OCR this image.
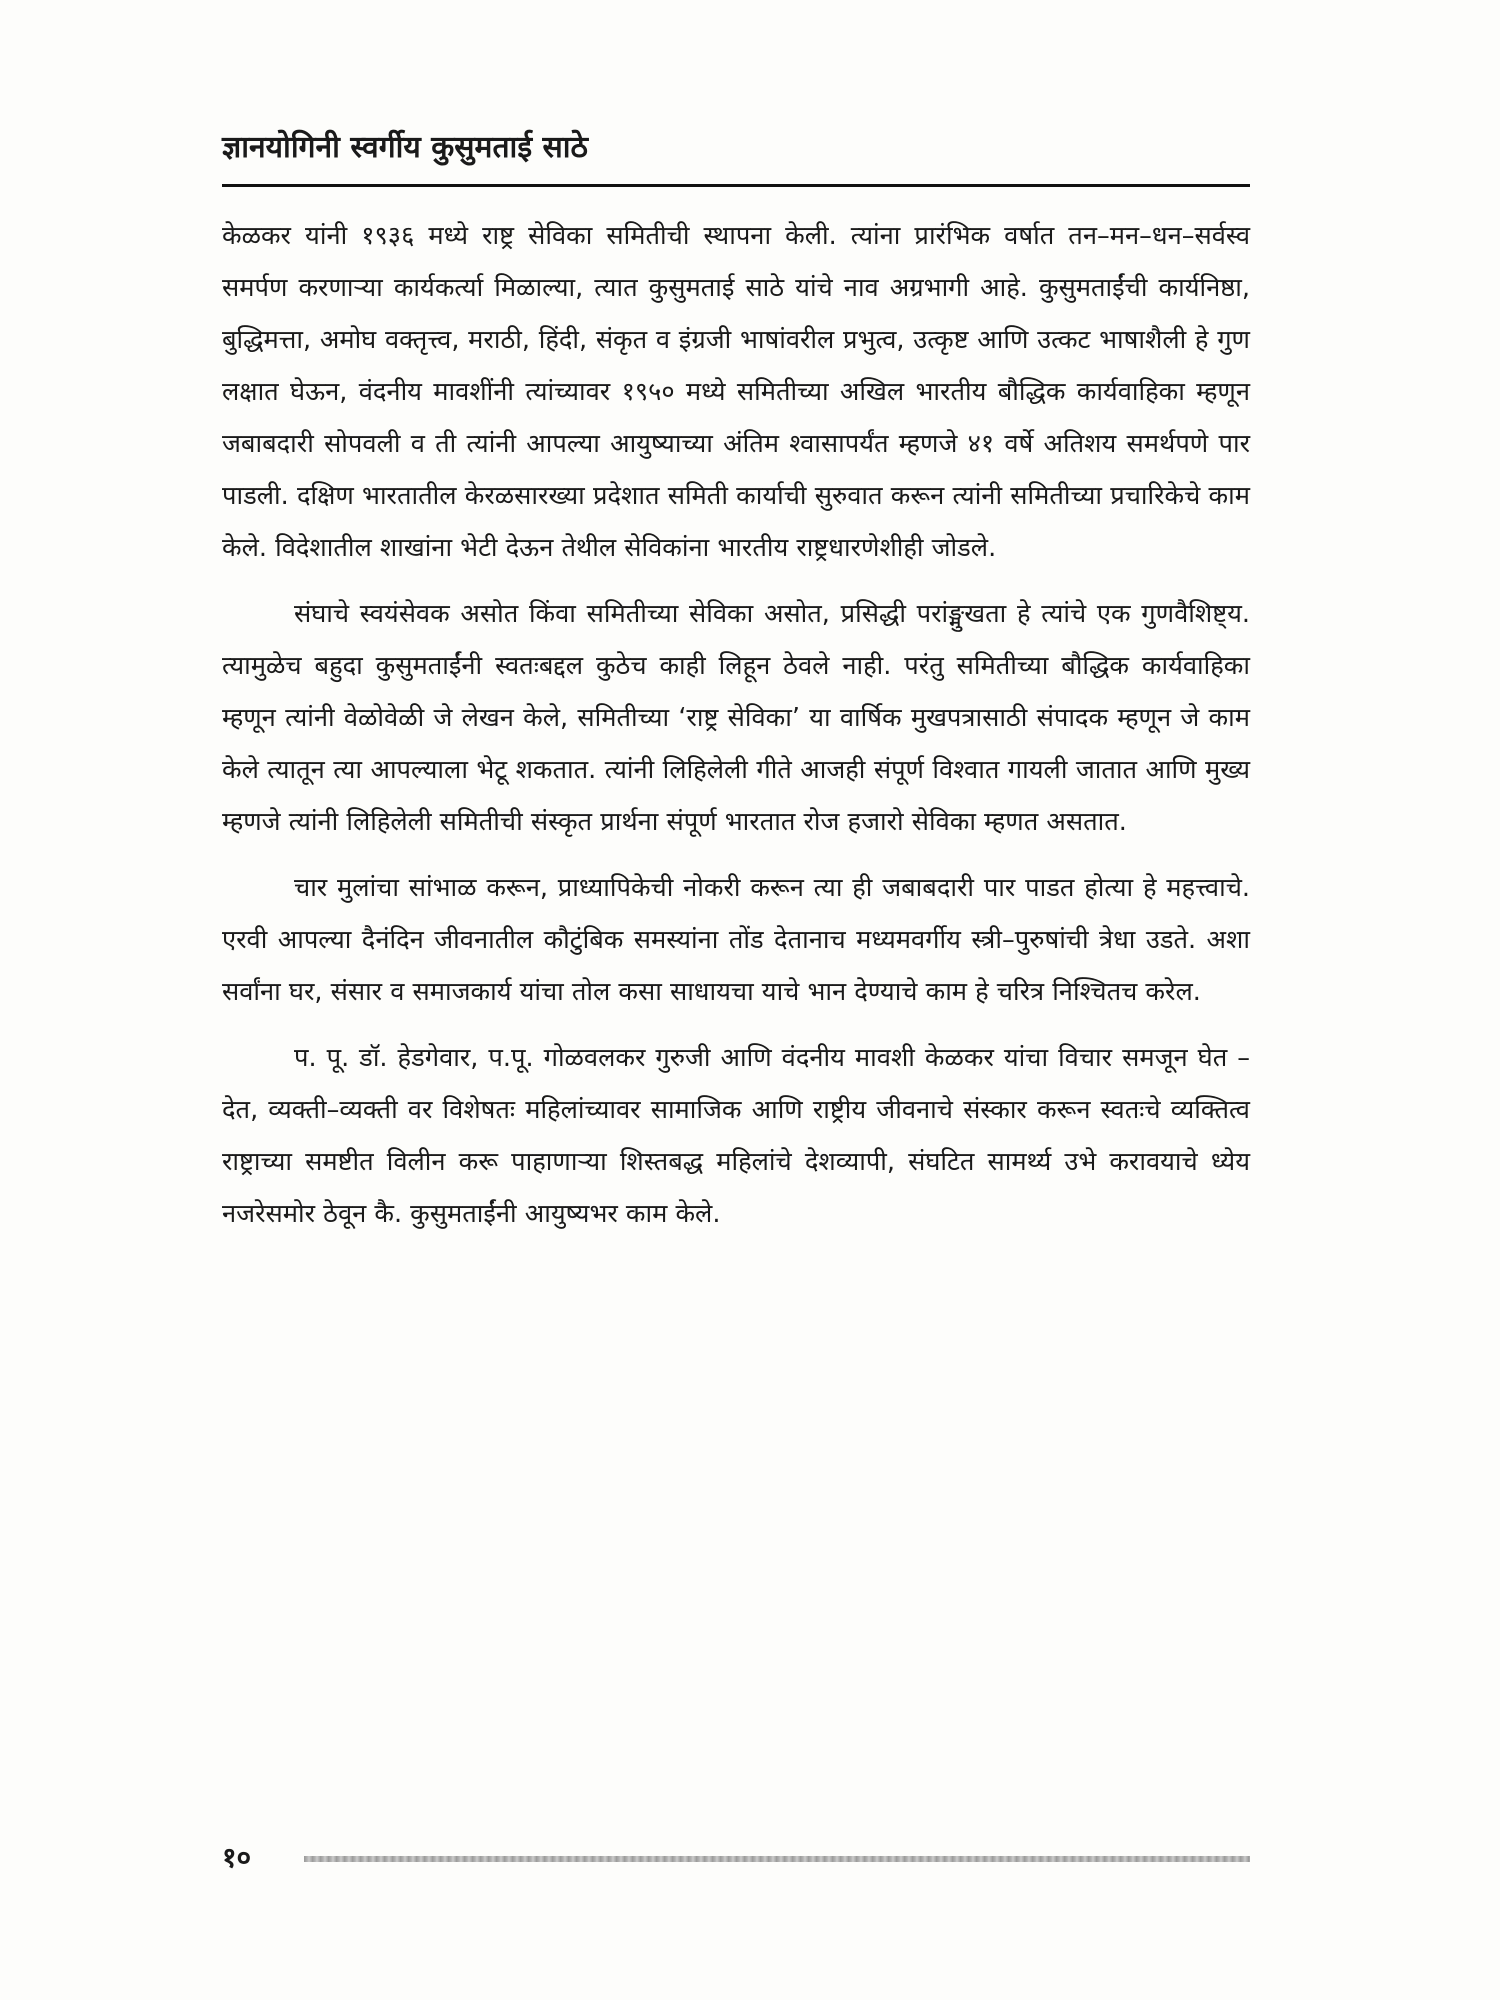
ज्ञानयोगिनी स्वर्गीय कुसुमताई साठे

केळकर यांनी १९३६ मध्ये राष्ट्र सेविका समितीची स्थापना केली. त्यांना प्रारंभिक वर्षात तन–मन–धन–सर्वस्व समर्पण करणाऱ्या कार्यकर्त्या मिळाल्या, त्यात कुसुमताई साठे यांचे नाव अग्रभागी आहे. कुसुमताईंची कार्यनिष्ठा, बुद्धिमत्ता, अमोघ वक्तृत्त्व, मराठी, हिंदी, संकृत व इंग्रजी भाषांवरील प्रभुत्व, उत्कृष्ट आणि उत्कट भाषाशैली हे गुण लक्षात घेऊन, वंदनीय मावशींनी त्यांच्यावर १९५० मध्ये समितीच्या अखिल भारतीय बौद्धिक कार्यवाहिका म्हणून जबाबदारी सोपवली व ती त्यांनी आपल्या आयुष्याच्या अंतिम श्वासापर्यंत म्हणजे ४१ वर्षे अतिशय समर्थपणे पार पाडली. दक्षिण भारतातील केरळसारख्या प्रदेशात समिती कार्याची सुरुवात करून त्यांनी समितीच्या प्रचारिकेचे काम केले. विदेशातील शाखांना भेटी देऊन तेथील सेविकांना भारतीय राष्ट्रधारणेशीही जोडले.

संघाचे स्वयंसेवक असोत किंवा समितीच्या सेविका असोत, प्रसिद्धी परांङ्मुखता हे त्यांचे एक गुणवैशिष्ट्य. त्यामुळेच बहुदा कुसुमताईंनी स्वतःबद्दल कुठेच काही लिहून ठेवले नाही. परंतु समितीच्या बौद्धिक कार्यवाहिका म्हणून त्यांनी वेळोवेळी जे लेखन केले, समितीच्या ‘राष्ट्र सेविका’ या वार्षिक मुखपत्रासाठी संपादक म्हणून जे काम केले त्यातून त्या आपल्याला भेटू शकतात. त्यांनी लिहिलेली गीते आजही संपूर्ण विश्वात गायली जातात आणि मुख्य म्हणजे त्यांनी लिहिलेली समितीची संस्कृत प्रार्थना संपूर्ण भारतात रोज हजारो सेविका म्हणत असतात.

चार मुलांचा सांभाळ करून, प्राध्यापिकेची नोकरी करून त्या ही जबाबदारी पार पाडत होत्या हे महत्त्वाचे. एरवी आपल्या दैनंदिन जीवनातील कौटुंबिक समस्यांना तोंड देतानाच मध्यमवर्गीय स्त्री–पुरुषांची त्रेधा उडते. अशा सर्वांना घर, संसार व समाजकार्य यांचा तोल कसा साधायचा याचे भान देण्याचे काम हे चरित्र निश्चितच करेल.

प. पू. डॉ. हेडगेवार, प.पू. गोळवलकर गुरुजी आणि वंदनीय मावशी केळकर यांचा विचार समजून घेत – देत, व्यक्ती–व्यक्ती वर विशेषतः महिलांच्यावर सामाजिक आणि राष्ट्रीय जीवनाचे संस्कार करून स्वतःचे व्यक्तित्व राष्ट्राच्या समष्टीत विलीन करू पाहाणाऱ्या शिस्तबद्ध महिलांचे देशव्यापी, संघटित सामर्थ्य उभे करावयाचे ध्येय नजरेसमोर ठेवून कै. कुसुमताईंनी आयुष्यभर काम केले.

१०
